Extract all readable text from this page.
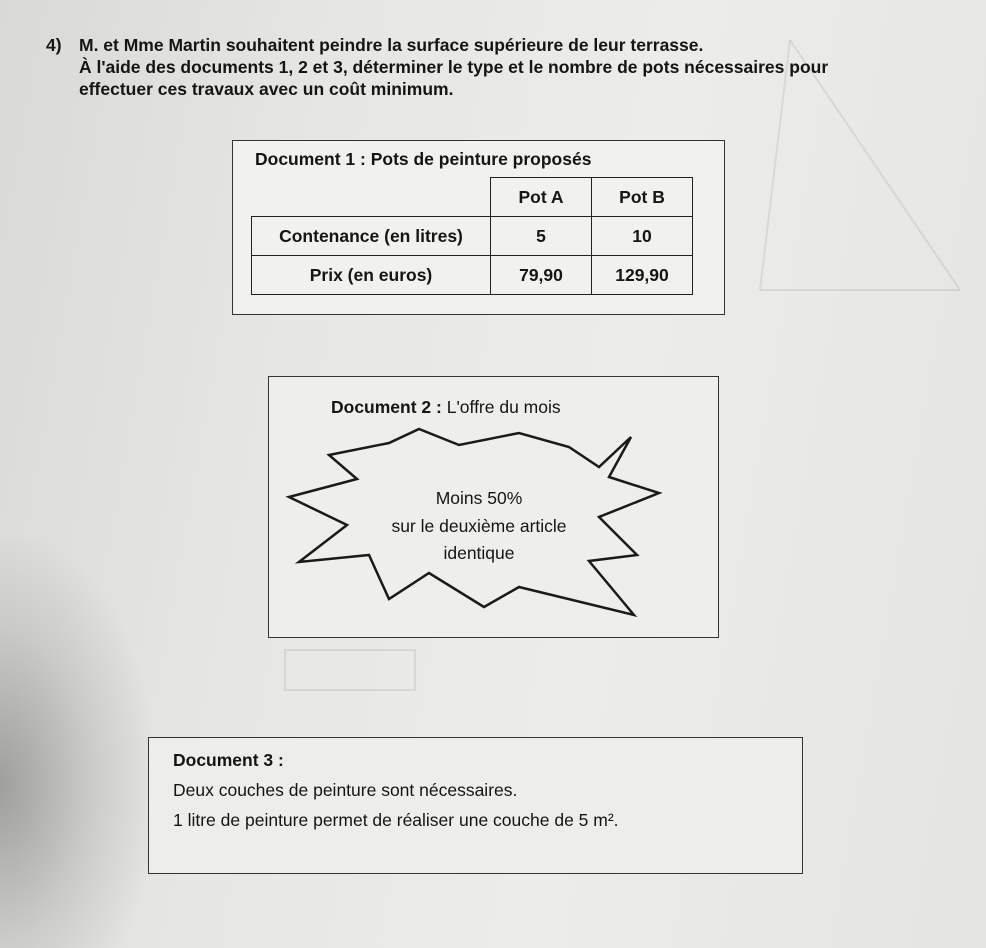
4) M. et Mme Martin souhaitent peindre la surface supérieure de leur terrasse.
À l'aide des documents 1, 2 et 3, déterminer le type et le nombre de pots nécessaires pour
effectuer ces travaux avec un coût minimum.
Document 1 : Pots de peinture proposés
	Pot A	Pot B
Contenance (en litres)	5	10
Prix (en euros)	79,90	129,90
Document 2 : L'offre du mois
Moins 50%
sur le deuxième article
identique
Document 3 :
Deux couches de peinture sont nécessaires.
1 litre de peinture permet de réaliser une couche de 5 m².
